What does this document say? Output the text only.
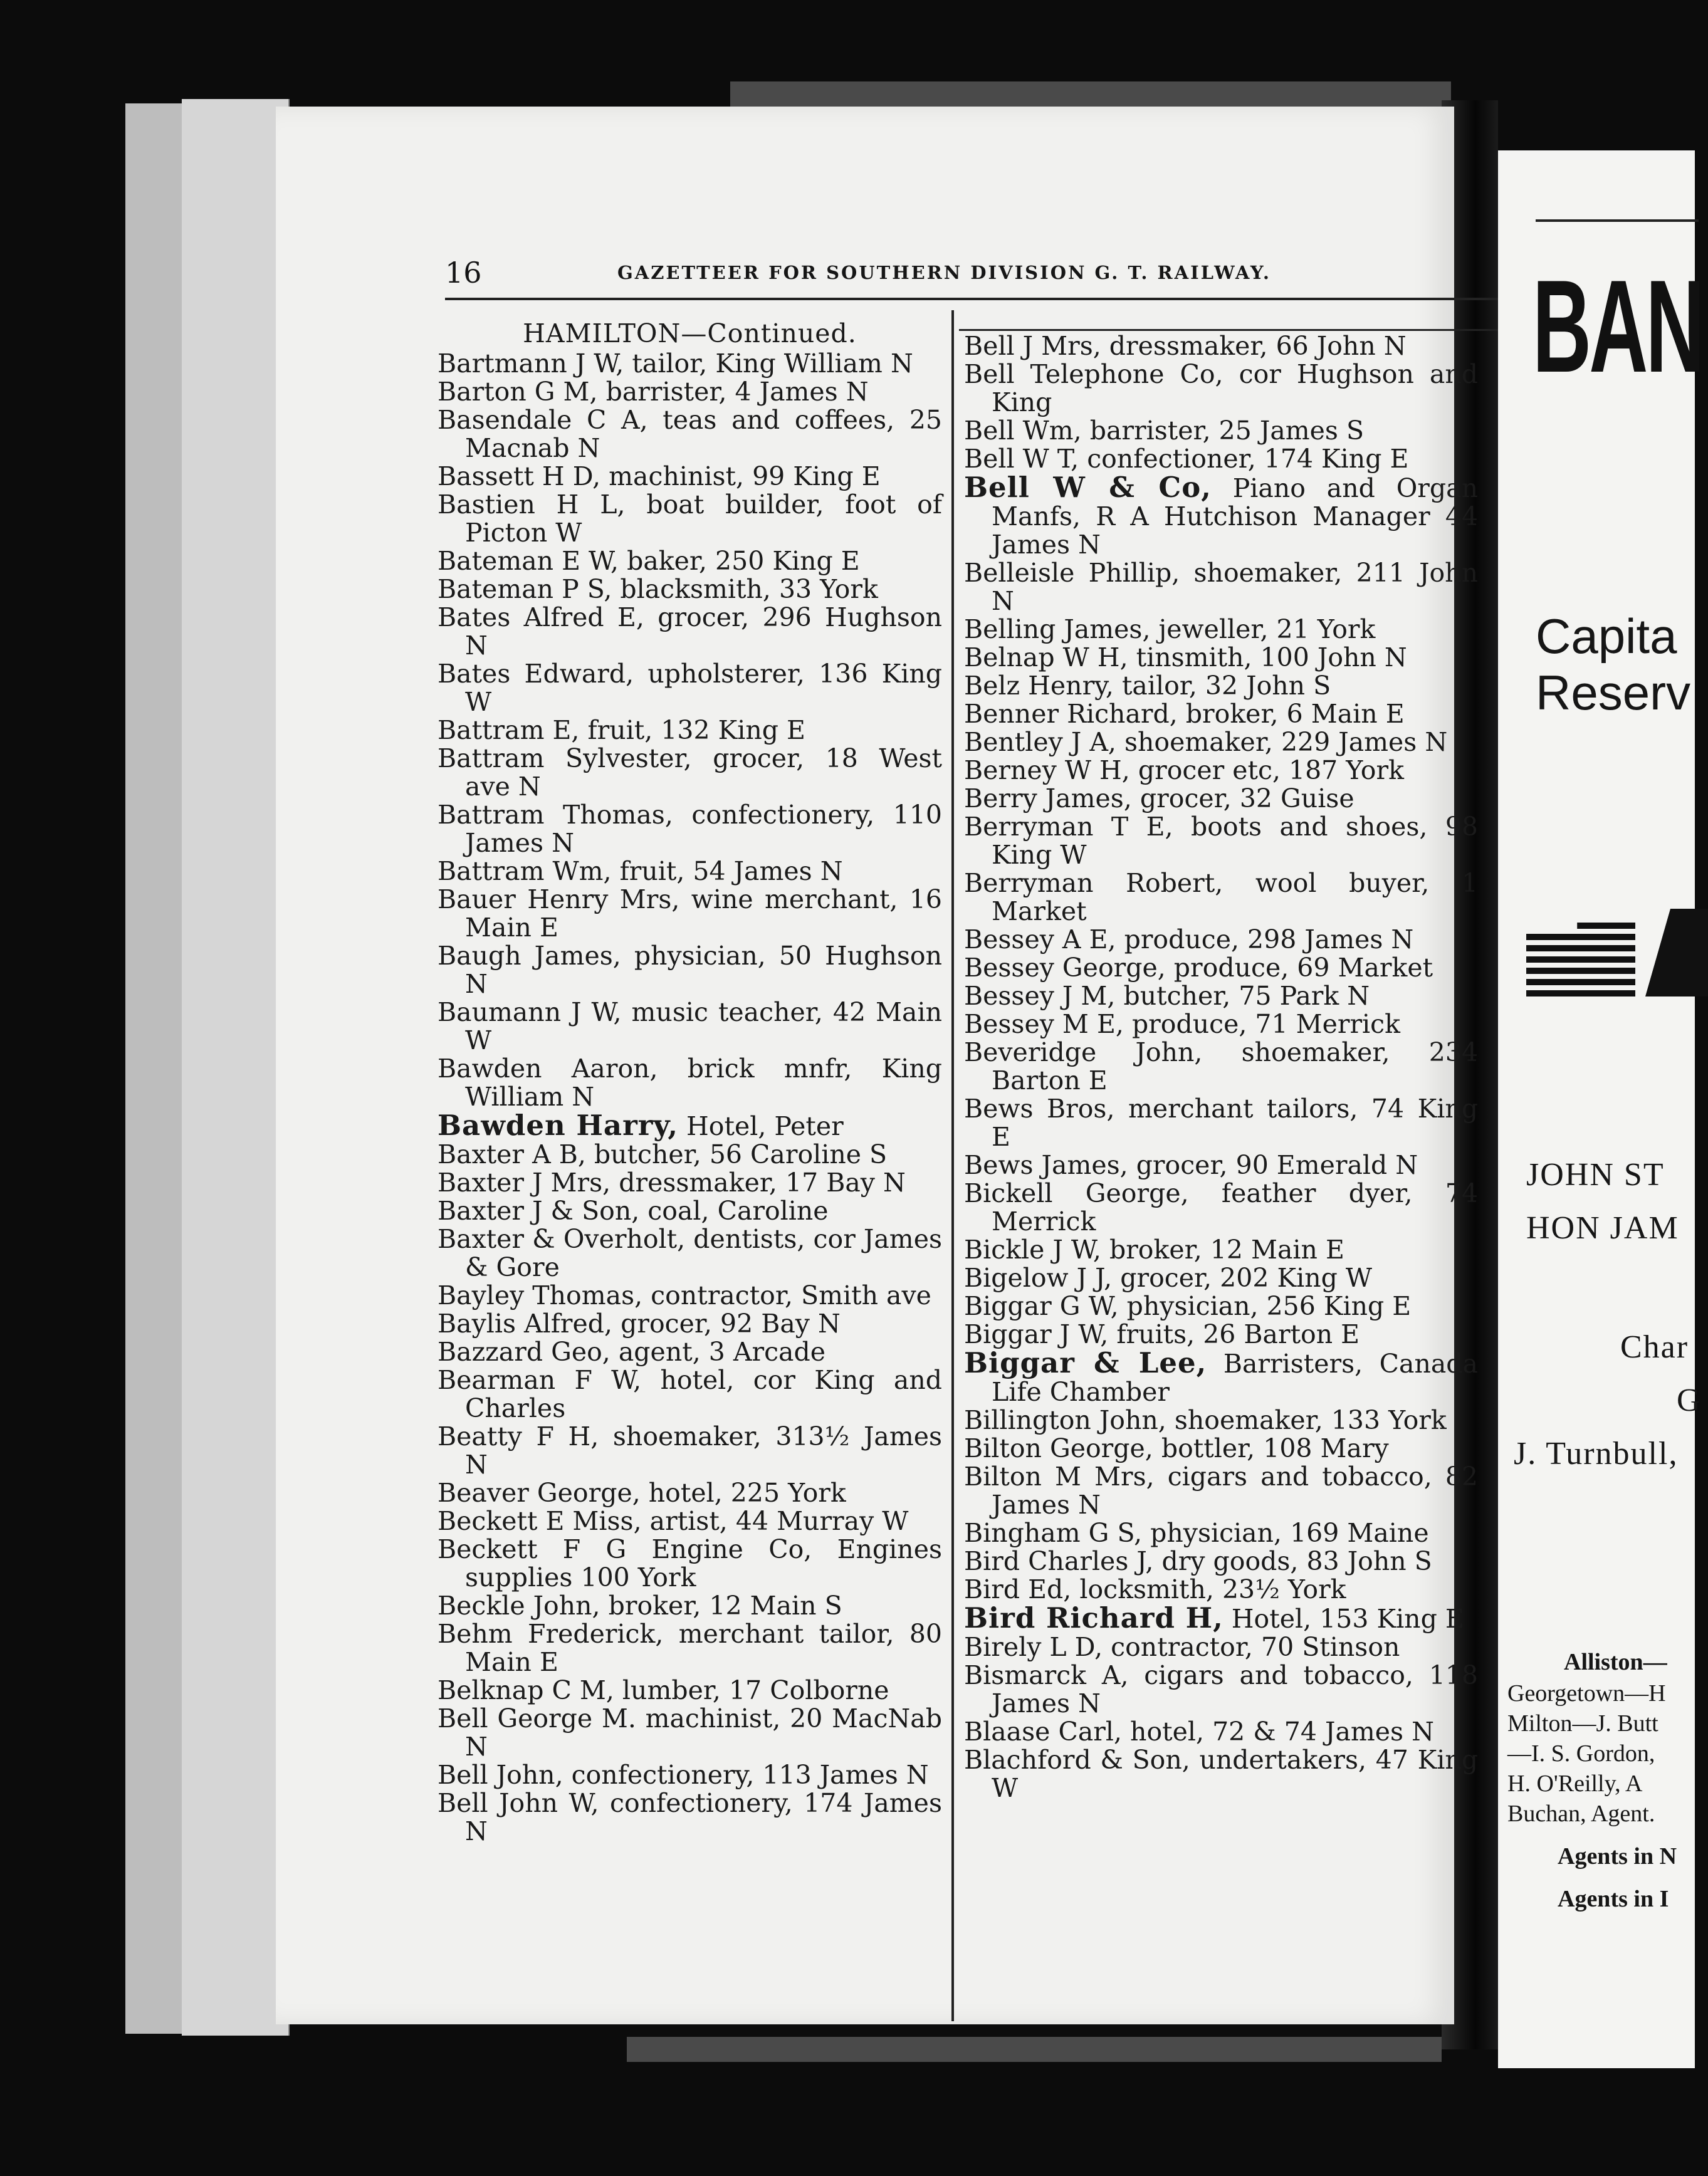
16	GAZETTEER FOR SOUTHERN DIVISION G. T. RAILWAY.
HAMILTON—Continued.
Bartmann J W, tailor, King William N
Barton G M, barrister, 4 James N
Basendale C A, teas and coffees, 25 Macnab N
Bassett H D, machinist, 99 King E
Bastien H L, boat builder, foot of Picton W
Bateman E W, baker, 250 King E
Bateman P S, blacksmith, 33 York
Bates Alfred E, grocer, 296 Hughson N
Bates Edward, upholsterer, 136 King W
Battram E, fruit, 132 King E
Battram Sylvester, grocer, 18 West ave N
Battram Thomas, confectionery, 110 James N
Battram Wm, fruit, 54 James N
Bauer Henry Mrs, wine merchant, 16 Main E
Baugh James, physician, 50 Hughson N
Baumann J W, music teacher, 42 Main W
Bawden Aaron, brick mnfr, King William N
Bawden Harry, Hotel, Peter
Baxter A B, butcher, 56 Caroline S
Baxter J Mrs, dressmaker, 17 Bay N
Baxter J & Son, coal, Caroline
Baxter & Overholt, dentists, cor James & Gore
Bayley Thomas, contractor, Smith ave
Baylis Alfred, grocer, 92 Bay N
Bazzard Geo, agent, 3 Arcade
Bearman F W, hotel, cor King and Charles
Beatty F H, shoemaker, 313½ James N
Beaver George, hotel, 225 York
Beckett E Miss, artist, 44 Murray W
Beckett F G Engine Co, Engines supplies 100 York
Beckle John, broker, 12 Main S
Behm Frederick, merchant tailor, 80 Main E
Belknap C M, lumber, 17 Colborne
Bell George M. machinist, 20 MacNab N
Bell John, confectionery, 113 James N
Bell John W, confectionery, 174 James N
Bell J Mrs, dressmaker, 66 John N
Bell Telephone Co, cor Hughson and King
Bell Wm, barrister, 25 James S
Bell W T, confectioner, 174 King E
Bell W & Co, Piano and Organ Manfs, R A Hutchison Manager 44 James N
Belleisle Phillip, shoemaker, 211 John N
Belling James, jeweller, 21 York
Belnap W H, tinsmith, 100 John N
Belz Henry, tailor, 32 John S
Benner Richard, broker, 6 Main E
Bentley J A, shoemaker, 229 James N
Berney W H, grocer etc, 187 York
Berry James, grocer, 32 Guise
Berryman T E, boots and shoes, 98 King W
Berryman Robert, wool buyer, 1 Market
Bessey A E, produce, 298 James N
Bessey George, produce, 69 Market
Bessey J M, butcher, 75 Park N
Bessey M E, produce, 71 Merrick
Beveridge John, shoemaker, 234 Barton E
Bews Bros, merchant tailors, 74 King E
Bews James, grocer, 90 Emerald N
Bickell George, feather dyer, 74 Merrick
Bickle J W, broker, 12 Main E
Bigelow J J, grocer, 202 King W
Biggar G W, physician, 256 King E
Biggar J W, fruits, 26 Barton E
Biggar & Lee, Barristers, Canada Life Chamber
Billington John, shoemaker, 133 York
Bilton George, bottler, 108 Mary
Bilton M Mrs, cigars and tobacco, 82 James N
Bingham G S, physician, 169 Maine
Bird Charles J, dry goods, 83 John S
Bird Ed, locksmith, 23½ York
Bird Richard H, Hotel, 153 King E
Birely L D, contractor, 70 Stinson
Bismarck A, cigars and tobacco, 118 James N
Blaase Carl, hotel, 72 & 74 James N
Blachford & Son, undertakers, 47 King W
BAN
Capita
Reserv
JOHN ST
HON JAM
Char
G
J. Turnbull,
Alliston—
Georgetown—H
Milton—J. Butt
—I. S. Gordon,
H. O'Reilly, A
Buchan, Agent.
Agents in N
Agents in I
